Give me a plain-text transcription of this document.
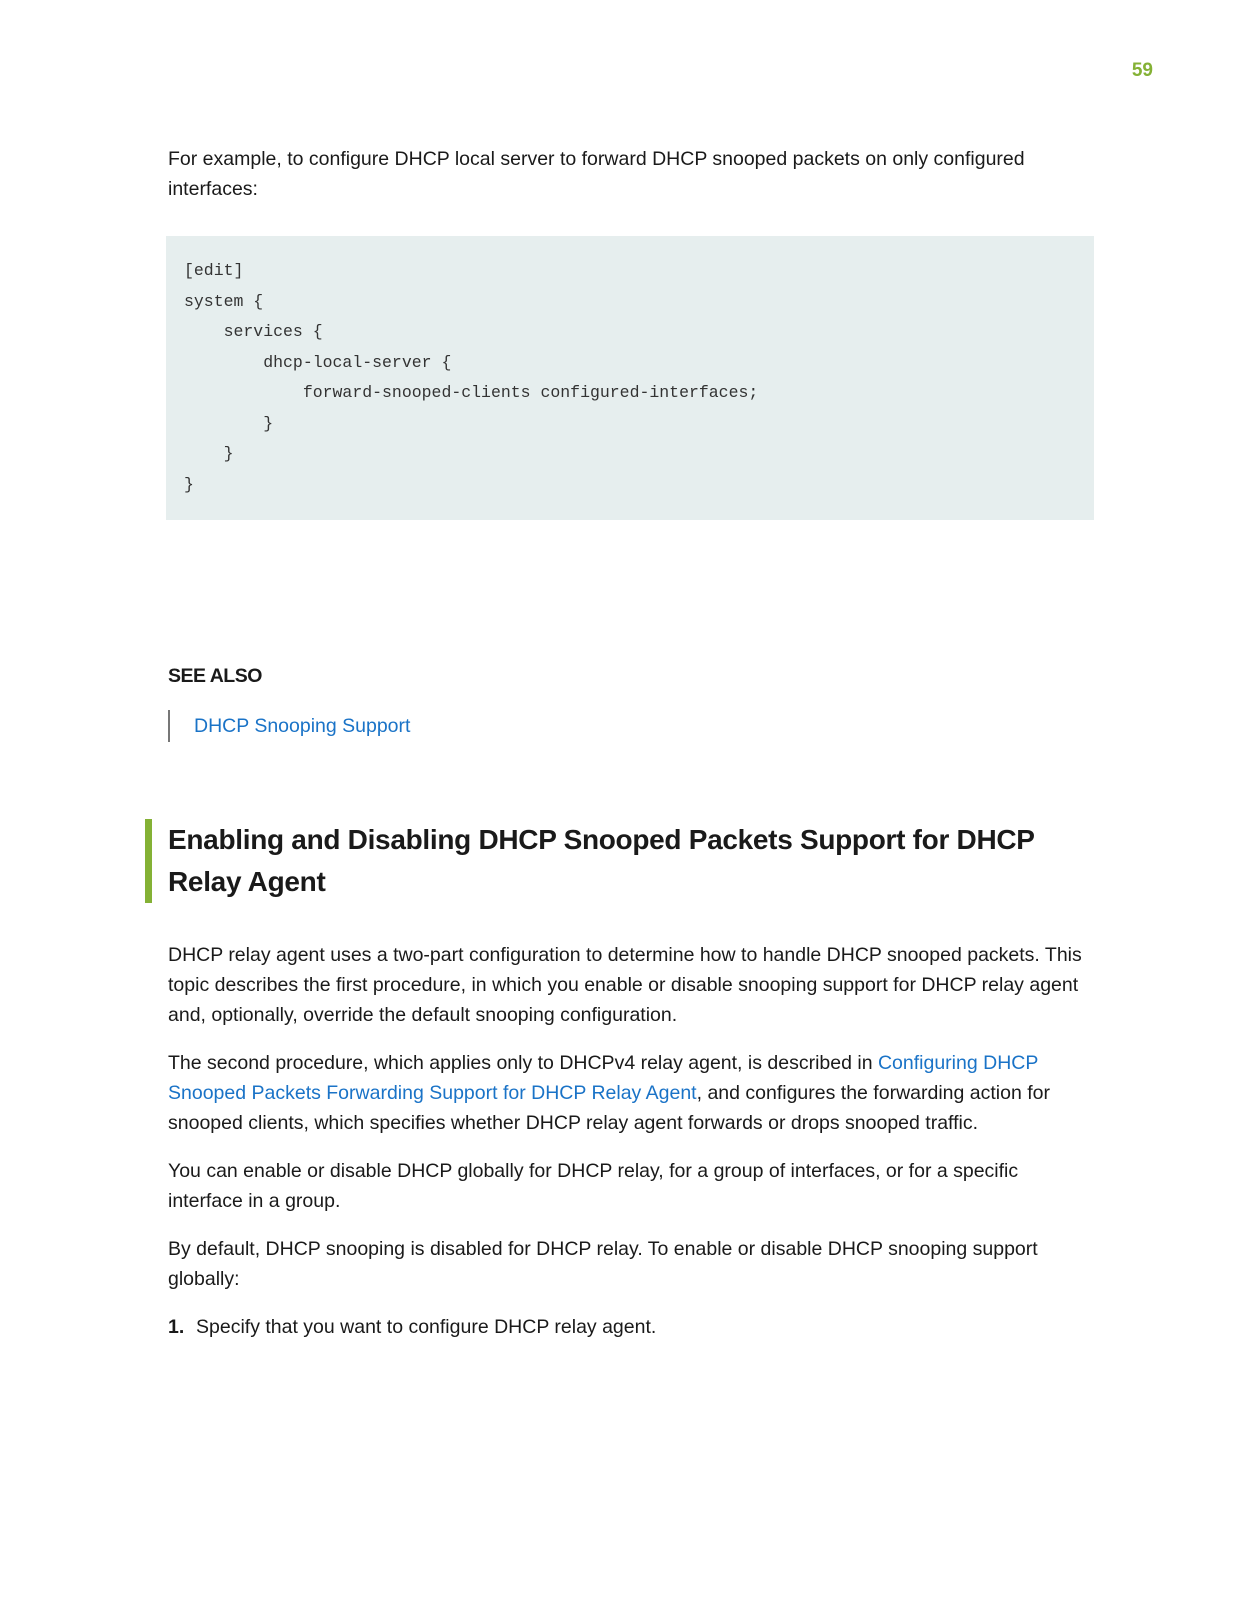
59

For example, to configure DHCP local server to forward DHCP snooped packets on only configured interfaces:

[edit]
system {
services {
dhcp-local-server {
forward-snooped-clients configured-interfaces;
}
}
}
SEE ALSO
DHCP Snooping Support
Enabling and Disabling DHCP Snooped Packets Support for DHCP Relay Agent

DHCP relay agent uses a two-part configuration to determine how to handle DHCP snooped packets. This topic describes the first procedure, in which you enable or disable snooping support for DHCP relay agent and, optionally, override the default snooping configuration.

The second procedure, which applies only to DHCPv4 relay agent, is described in Configuring DHCP Snooped Packets Forwarding Support for DHCP Relay Agent, and configures the forwarding action for snooped clients, which specifies whether DHCP relay agent forwards or drops snooped traffic.

You can enable or disable DHCP globally for DHCP relay, for a group of interfaces, or for a specific interface in a group.

By default, DHCP snooping is disabled for DHCP relay. To enable or disable DHCP snooping support globally:

1. Specify that you want to configure DHCP relay agent.
